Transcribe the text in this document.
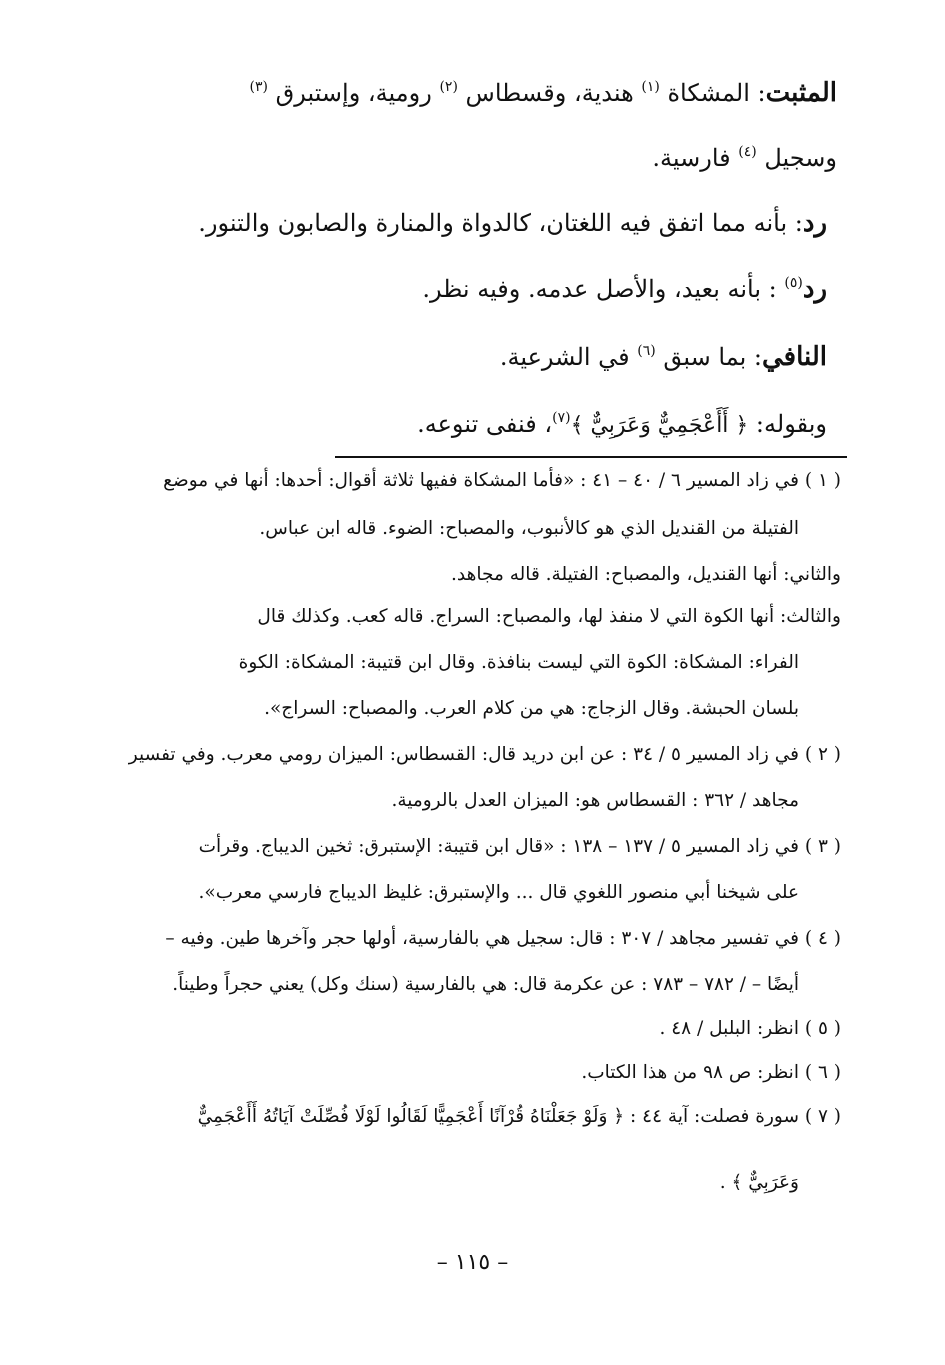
المثبت: المشكاة $^{(١)}$ هندية، وقسطاس $^{(٢)}$ رومية، وإستبرق $^{(٣)}$
وسجيل $^{(٤)}$ فارسية.
رد: بأنه مما اتفق فيه اللغتان، كالدواة والمنارة والصابون والتنور.
رد$^{(٥)}$ : بأنه بعيد، والأصل عدمه. وفيه نظر.
النافي: بما سبق $^{(٦)}$ في الشرعية.
وبقوله: ﴿ أَأَعْجَمِيٌّ وَعَرَبِيٌّ ﴾$^{(٧)}$، فنفى تنوعه.
( ١ ) في زاد المسير ٦ / ٤٠ – ٤١ : «فأما المشكاة ففيها ثلاثة أقوال: أحدها: أنها في موضع
الفتيلة من القنديل الذي هو كالأنبوب، والمصباح: الضوء. قاله ابن عباس.
والثاني: أنها القنديل، والمصباح: الفتيلة. قاله مجاهد.
والثالث: أنها الكوة التي لا منفذ لها، والمصباح: السراج. قاله كعب. وكذلك قال
الفراء: المشكاة: الكوة التي ليست بنافذة. وقال ابن قتيبة: المشكاة: الكوة
بلسان الحبشة. وقال الزجاج: هي من كلام العرب. والمصباح: السراج».
( ٢ ) في زاد المسير ٥ / ٣٤ : عن ابن دريد قال: القسطاس: الميزان رومي معرب. وفي تفسير
مجاهد / ٣٦٢ : القسطاس هو: الميزان العدل بالرومية.
( ٣ ) في زاد المسير ٥ / ١٣٧ – ١٣٨ : «قال ابن قتيبة: الإستبرق: ثخين الديباج. وقرأت
على شيخنا أبي منصور اللغوي قال ... والإستبرق: غليظ الديباج فارسي معرب».
( ٤ ) في تفسير مجاهد / ٣٠٧ : قال: سجيل هي بالفارسية، أولها حجر وآخرها طين. وفيه –
أيضًا – / ٧٨٢ – ٧٨٣ : عن عكرمة قال: هي بالفارسية (سنك وكل) يعني حجراً وطيناً.
( ٥ ) انظر: البلبل / ٤٨ .
( ٦ ) انظر: ص ٩٨ من هذا الكتاب.
( ٧ ) سورة فصلت: آية ٤٤ : ﴿ وَلَوْ جَعَلْنَاهُ قُرْآنًا أَعْجَمِيًّا لَقَالُوا لَوْلَا فُصِّلَتْ آيَاتُهُ أَأَعْجَمِيٌّ
وَعَرَبِيٌّ ﴾ .
– ١١٥ –
